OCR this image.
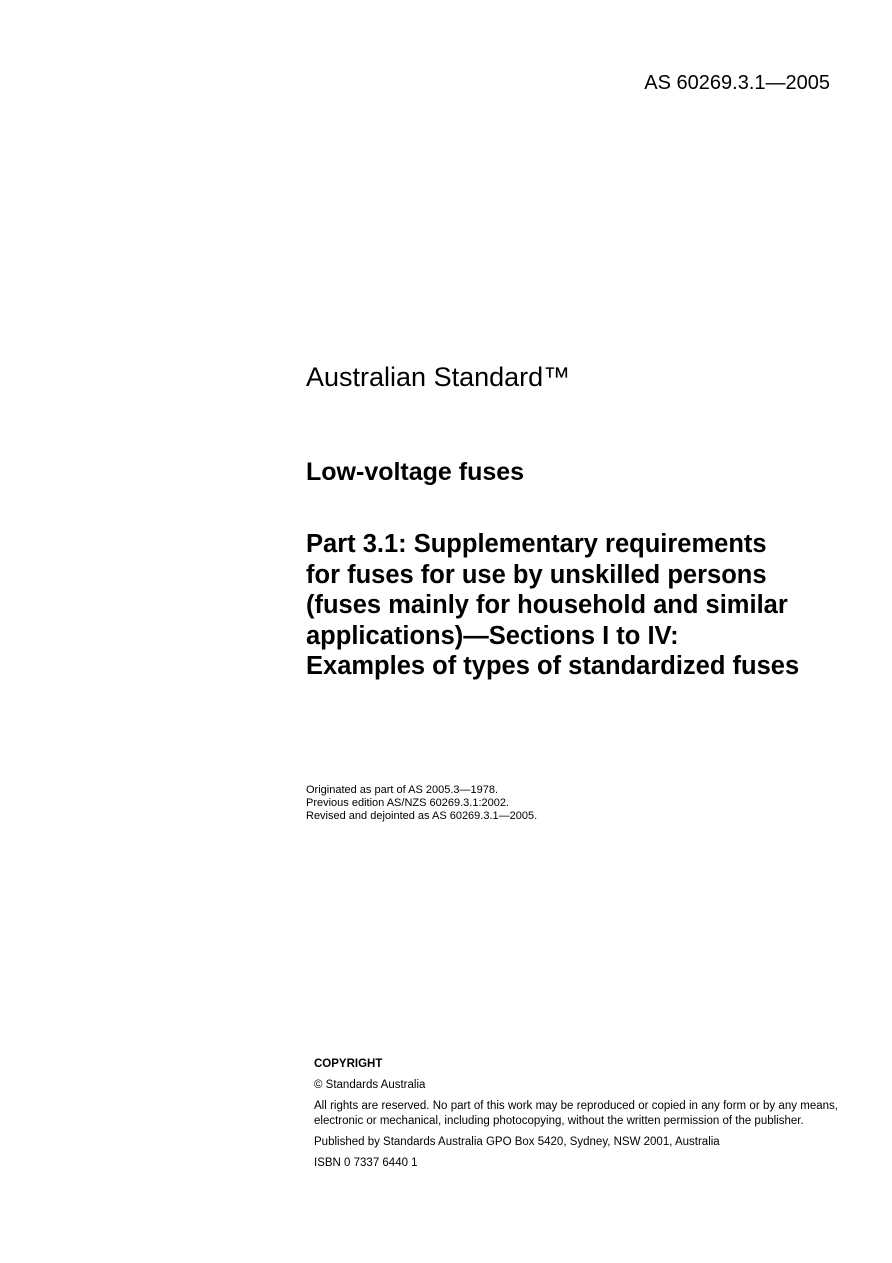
AS 60269.3.1—2005
Australian Standard™
Low-voltage fuses
Part 3.1: Supplementary requirements
for fuses for use by unskilled persons
(fuses mainly for household and similar
applications)—Sections I to IV:
Examples of types of standardized fuses
Originated as part of AS 2005.3—1978.
Previous edition AS/NZS 60269.3.1:2002.
Revised and dejointed as AS 60269.3.1—2005.
COPYRIGHT
© Standards Australia
All rights are reserved. No part of this work may be reproduced or copied in any form or by any means, electronic or mechanical, including photocopying, without the written permission of the publisher.
Published by Standards Australia GPO Box 5420, Sydney, NSW 2001, Australia
ISBN 0 7337 6440 1
